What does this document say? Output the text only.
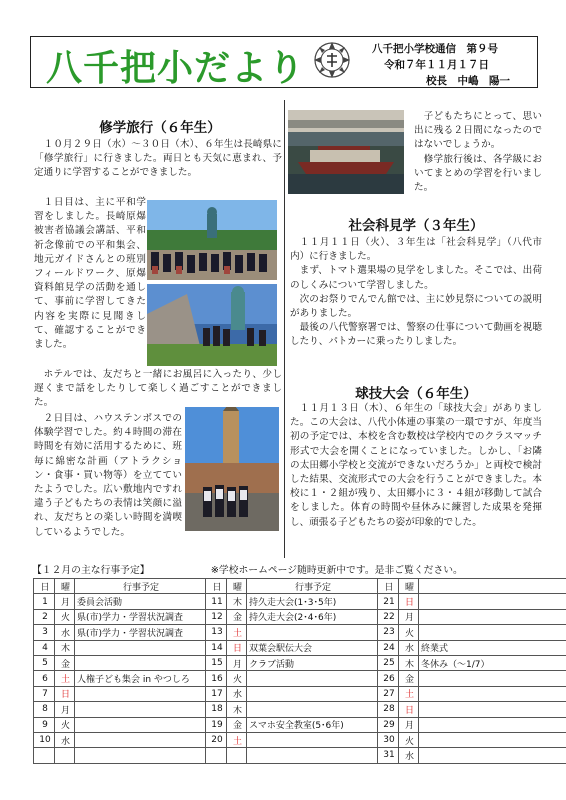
八千把小だより	八千把小学校通信　第９号
令和７年１１月１７日
校長　中嶋　陽一
修学旅行（６年生）

１０月２９日（水）～３０日（木）、６年生は長崎県に「修学旅行」に行きました。両日とも天気に恵まれ、予定通りに学習することができました。

１日目は、主に平和学習をしました。長崎原爆被害者協議会講話、平和祈念像前での平和集会、地元ガイドさんとの班別フィールドワーク、原爆資料館見学の活動を通して、事前に学習してきた内容を実際に見聞きして、確認することができました。

ホテルでは、友だちと一緒にお風呂に入ったり、少し遅くまで話をしたりして楽しく過ごすことができました。

２日目は、ハウステンボスでの体験学習でした。約４時間の滞在時間を有効に活用するために、班毎に綿密な計画（アトラクション・食事・買い物等）を立てていたようでした。広い敷地内ですれ違う子どもたちの表情は笑顔に溢れ、友だちとの楽しい時間を満喫しているようでした。

子どもたちにとって、思い出に残る２日間になったのではないでしょうか。

修学旅行後は、各学級においてまとめの学習を行いました。

社会科見学（３年生）

１１月１１日（火）、３年生は「社会科見学」（八代市内）に行きました。

まず、トマト選果場の見学をしました。そこでは、出荷のしくみについて学習しました。

次のお祭りでんでん館では、主に妙見祭についての説明がありました。

最後の八代警察署では、警察の仕事について動画を視聴したり、パトカーに乗ったりしました。

球技大会（６年生）

１１月１３日（木）、６年生の「球技大会」がありました。この大会は、八代小体連の事業の一環ですが、年度当初の予定では、本校を含む数校は学校内でのクラスマッチ形式で大会を開くことになっていました。しかし、「お隣の太田郷小学校と交流ができないだろうか」と両校で検討した結果、交流形式での大会を行うことができました。本校に１・２組が残り、太田郷小に３・４組が移動して試合をしました。体育の時間や昼休みに練習した成果を発揮し、頑張る子どもたちの姿が印象的でした。

【１２月の主な行事予定】	※学校ホームページ随時更新中です。是非ご覧ください。
日	曜	行事予定	日	曜	行事予定	日	曜	
1	月	委員会活動	11	木	持久走大会(1･3･5年)	21	日	
2	火	県(市)学力・学習状況調査	12	金	持久走大会(2･4･6年)	22	月	
3	水	県(市)学力・学習状況調査	13	土		23	火	
4	木		14	日	双葉会駅伝大会	24	水	終業式
5	金		15	月	クラブ活動	25	木	冬休み（～1/7）
6	土	人権子ども集会 in やつしろ	16	火		26	金	
7	日		17	水		27	土	
8	月		18	木		28	日	
9	火		19	金	スマホ安全教室(5･6年)	29	月	
10	水		20	土		30	火	
						31	水	
